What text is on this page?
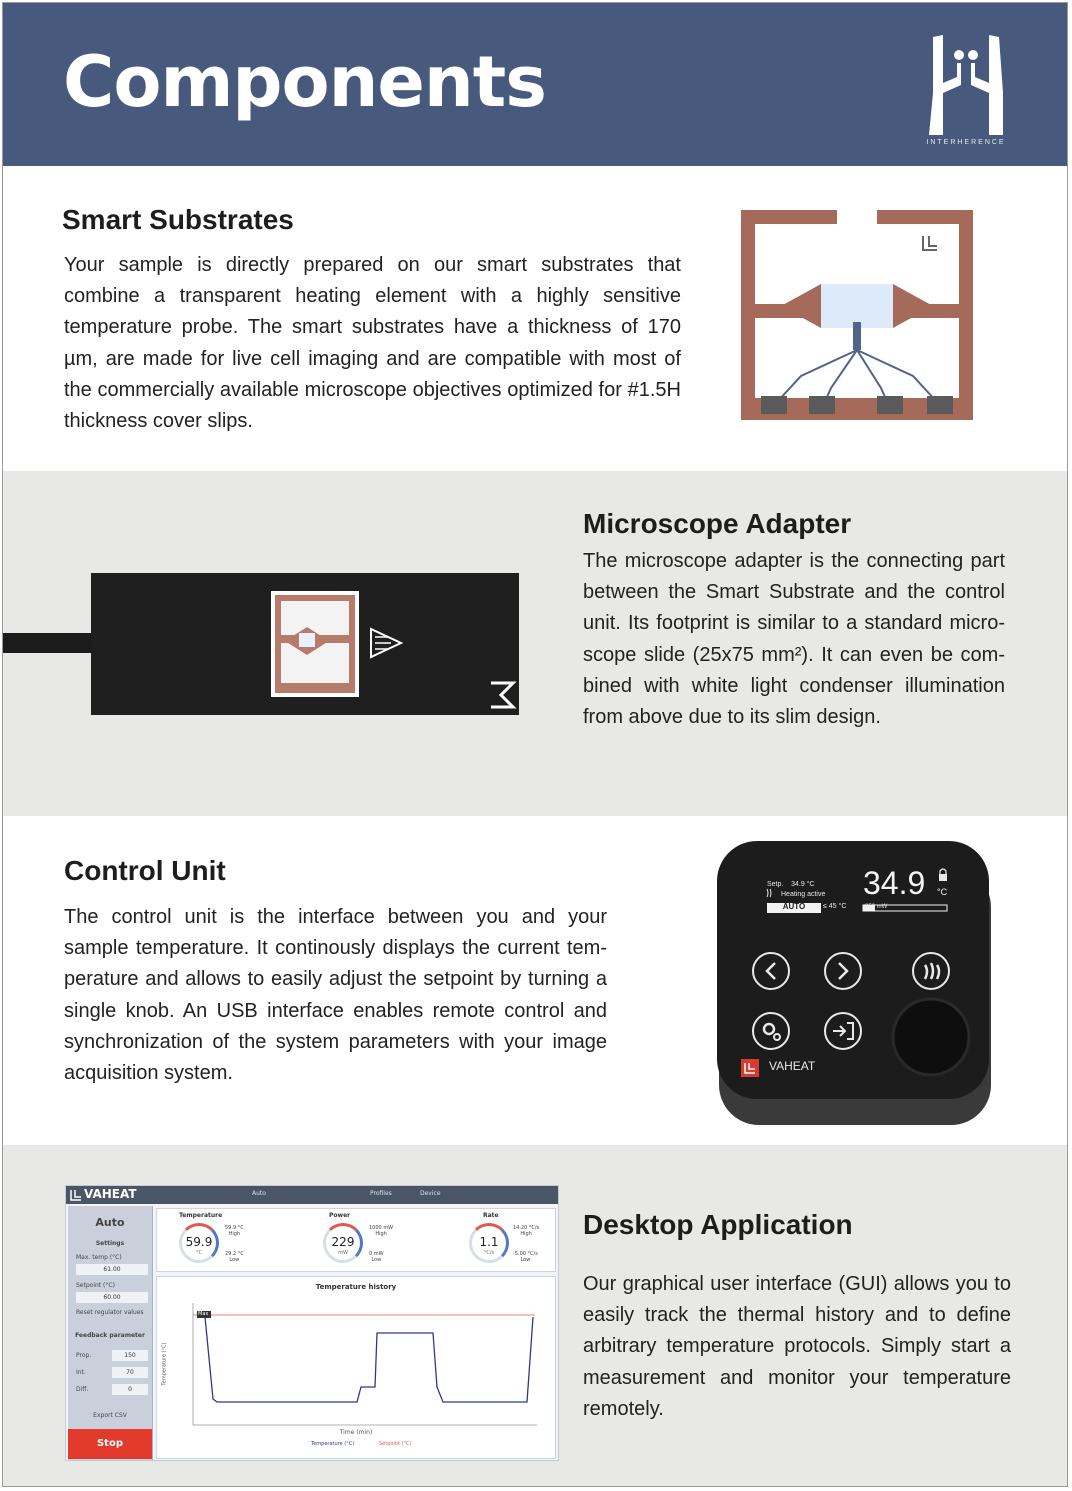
Components
INTERHERENCE
Smart Substrates

Your sample is directly prepared on our smart substrates that combine a transparent heating element with a highly sensitive temperature probe. The smart substrates have a thickness of 170 µm, are made for live cell imaging and are compatible with most of the commercially available microscope objectives optimized for #1.5H thickness cover slips.

Microscope Adapter

The microscope adapter is the connecting part between the Smart Substrate and the control unit. Its footprint is similar to a standard micro-scope slide (25x75 mm²). It can even be com-bined with white light condenser illumination from above due to its slim design.

Control Unit

The control unit is the interface between you and your sample temperature. It continously displays the current tem-perature and allows to easily adjust the setpoint by turning a single knob. An USB interface enables remote control and synchronization of the system parameters with your image acquisition system.

Setp.    34.9 °C
Heating active
AUTO	≤ 45 °C
34.9 °C
350 mW
VAHEAT
VAHEAT	Auto	Profiles	Device
Auto
Settings
Max. temp (°C)
61.00
Setpoint (°C)
60.00
Reset regulator values
Feedback parameter
Prop.	150
Int.	70
Diff.	0
Export CSV
Stop
Temperature
59.9
°C
59.9 °C
High
29.2 °C
Low
Power
229
mW
1000 mW
High
0 mW
Low
Rate
1.1
°C/s
14.20 °C/s
High
-5.00 °C/s
Low
Temperature history
Max
Temperature (°C)
Time (min)
Temperature (°C)	Setpoint (°C)
Desktop Application

Our graphical user interface (GUI) allows you to easily track the thermal history and to define arbitrary temperature protocols. Simply start a measurement and monitor your temperature remotely.
